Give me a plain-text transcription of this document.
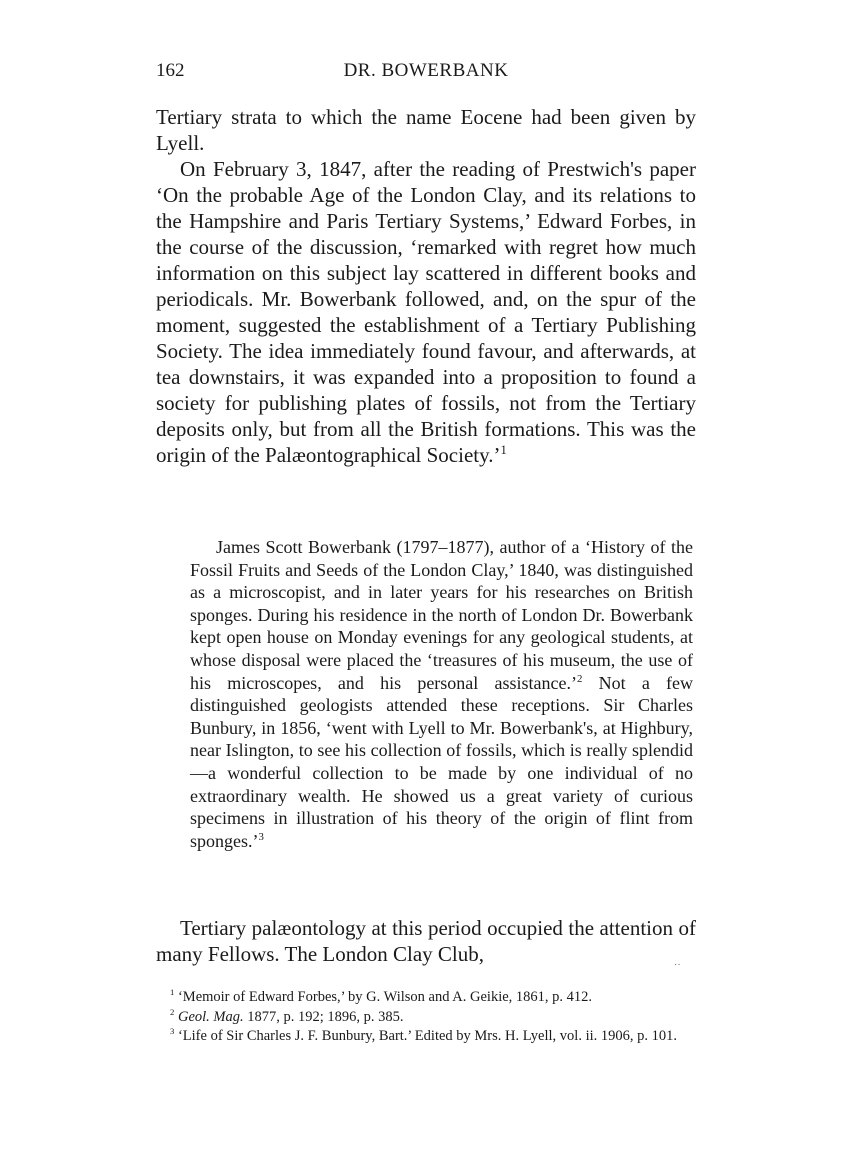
162	DR. BOWERBANK

Tertiary strata to which the name Eocene had been given by Lyell.

On February 3, 1847, after the reading of Prestwich's paper ‘On the probable Age of the London Clay, and its relations to the Hampshire and Paris Tertiary Systems,’ Edward Forbes, in the course of the discussion, ‘remarked with regret how much information on this subject lay scattered in different books and periodicals. Mr. Bowerbank followed, and, on the spur of the moment, suggested the establishment of a Tertiary Publishing Society. The idea immediately found favour, and afterwards, at tea downstairs, it was expanded into a proposition to found a society for publishing plates of fossils, not from the Tertiary deposits only, but from all the British formations. This was the origin of the Palæontographical Society.’$^1$

James Scott Bowerbank (1797–1877), author of a ‘History of the Fossil Fruits and Seeds of the London Clay,’ 1840, was distinguished as a microscopist, and in later years for his researches on British sponges. During his residence in the north of London Dr. Bowerbank kept open house on Monday evenings for any geological students, at whose disposal were placed the ‘treasures of his museum, the use of his microscopes, and his personal assistance.’$^2$ Not a few distinguished geologists attended these receptions. Sir Charles Bunbury, in 1856, ‘went with Lyell to Mr. Bowerbank's, at Highbury, near Islington, to see his collection of fossils, which is really splendid—a wonderful collection to be made by one individual of no extraordinary wealth. He showed us a great variety of curious specimens in illustration of his theory of the origin of flint from sponges.’$^3$

Tertiary palæontology at this period occupied the attention of many Fellows. The London Clay Club,

˙˙

$^1$ ‘Memoir of Edward Forbes,’ by G. Wilson and A. Geikie, 1861, p. 412.

$^2$ Geol. Mag. 1877, p. 192; 1896, p. 385.

$^3$ ‘Life of Sir Charles J. F. Bunbury, Bart.’ Edited by Mrs. H. Lyell, vol. ii. 1906, p. 101.
